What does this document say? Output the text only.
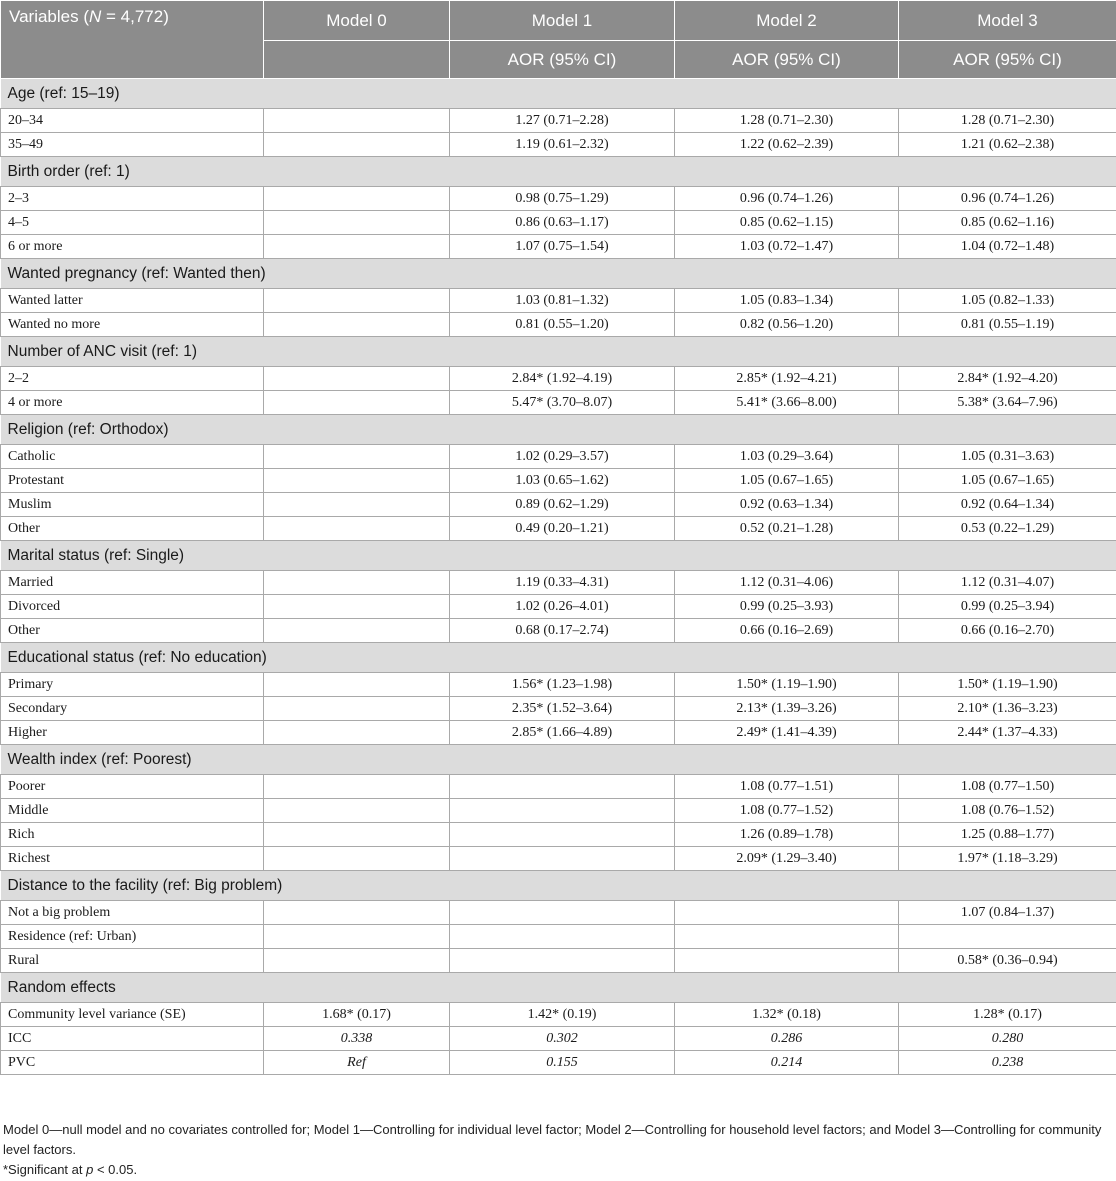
Variables (N = 4,772)	Model 0	Model 1	Model 2	Model 3
		AOR (95% CI)	AOR (95% CI)	AOR (95% CI)
Age (ref: 15–19)				
20–34		1.27 (0.71–2.28)	1.28 (0.71–2.30)	1.28 (0.71–2.30)
35–49		1.19 (0.61–2.32)	1.22 (0.62–2.39)	1.21 (0.62–2.38)
Birth order (ref: 1)				
2–3		0.98 (0.75–1.29)	0.96 (0.74–1.26)	0.96 (0.74–1.26)
4–5		0.86 (0.63–1.17)	0.85 (0.62–1.15)	0.85 (0.62–1.16)
6 or more		1.07 (0.75–1.54)	1.03 (0.72–1.47)	1.04 (0.72–1.48)
Wanted pregnancy (ref: Wanted then)				
Wanted latter		1.03 (0.81–1.32)	1.05 (0.83–1.34)	1.05 (0.82–1.33)
Wanted no more		0.81 (0.55–1.20)	0.82 (0.56–1.20)	0.81 (0.55–1.19)
Number of ANC visit (ref: 1)				
2–2		2.84* (1.92–4.19)	2.85* (1.92–4.21)	2.84* (1.92–4.20)
4 or more		5.47* (3.70–8.07)	5.41* (3.66–8.00)	5.38* (3.64–7.96)
Religion (ref: Orthodox)				
Catholic		1.02 (0.29–3.57)	1.03 (0.29–3.64)	1.05 (0.31–3.63)
Protestant		1.03 (0.65–1.62)	1.05 (0.67–1.65)	1.05 (0.67–1.65)
Muslim		0.89 (0.62–1.29)	0.92 (0.63–1.34)	0.92 (0.64–1.34)
Other		0.49 (0.20–1.21)	0.52 (0.21–1.28)	0.53 (0.22–1.29)
Marital status (ref: Single)				
Married		1.19 (0.33–4.31)	1.12 (0.31–4.06)	1.12 (0.31–4.07)
Divorced		1.02 (0.26–4.01)	0.99 (0.25–3.93)	0.99 (0.25–3.94)
Other		0.68 (0.17–2.74)	0.66 (0.16–2.69)	0.66 (0.16–2.70)
Educational status (ref: No education)				
Primary		1.56* (1.23–1.98)	1.50* (1.19–1.90)	1.50* (1.19–1.90)
Secondary		2.35* (1.52–3.64)	2.13* (1.39–3.26)	2.10* (1.36–3.23)
Higher		2.85* (1.66–4.89)	2.49* (1.41–4.39)	2.44* (1.37–4.33)
Wealth index (ref: Poorest)				
Poorer			1.08 (0.77–1.51)	1.08 (0.77–1.50)
Middle			1.08 (0.77–1.52)	1.08 (0.76–1.52)
Rich			1.26 (0.89–1.78)	1.25 (0.88–1.77)
Richest			2.09* (1.29–3.40)	1.97* (1.18–3.29)
Distance to the facility (ref: Big problem)				
Not a big problem				1.07 (0.84–1.37)
Residence (ref: Urban)				
Rural				0.58* (0.36–0.94)
Random effects				
Community level variance (SE)	1.68* (0.17)	1.42* (0.19)	1.32* (0.18)	1.28* (0.17)
ICC	0.338	0.302	0.286	0.280
PVC	Ref	0.155	0.214	0.238
Model 0—null model and no covariates controlled for; Model 1—Controlling for individual level factor; Model 2—Controlling for household level factors; and Model 3—Controlling for community level factors.
*Significant at p < 0.05.
